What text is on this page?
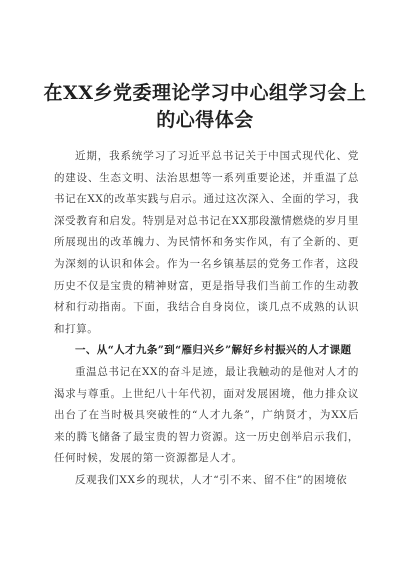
在XX乡党委理论学习中心组学习会上的心得体会

近期，我系统学习了习近平总书记关于中国式现代化、党的建设、生态文明、法治思想等一系列重要论述，并重温了总书记在XX的改革实践与启示。通过这次深入、全面的学习，我深受教育和启发。特别是对总书记在XX那段激情燃烧的岁月里所展现出的改革魄力、为民情怀和务实作风，有了全新的、更为深刻的认识和体会。作为一名乡镇基层的党务工作者，这段历史不仅是宝贵的精神财富，更是指导我们当前工作的生动教材和行动指南。下面，我结合自身岗位，谈几点不成熟的认识和打算。

一、从“人才九条”到“雁归兴乡”解好乡村振兴的人才课题

重温总书记在XX的奋斗足迹，最让我触动的是他对人才的渴求与尊重。上世纪八十年代初，面对发展困境，他力排众议出台了在当时极具突破性的“人才九条”，广纳贤才，为XX后来的腾飞储备了最宝贵的智力资源。这一历史创举启示我们，任何时候，发展的第一资源都是人才。

反观我们XX乡的现状，人才“引不来、留不住”的困境依
